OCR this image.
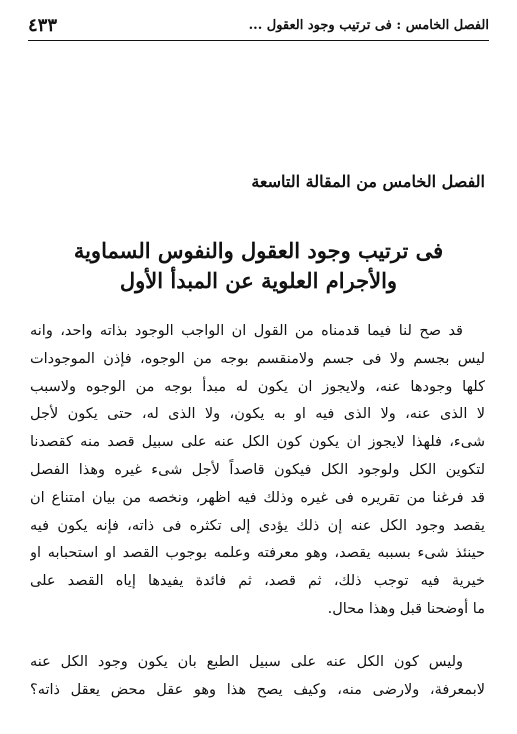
الفصل الخامس : فى ترتيب وجود العقول ...
٤٣٣
الفصل الخامس من المقالة التاسعة
فى ترتيب وجود العقول والنفوس السماوية
والأجرام العلوية عن المبدأ الأول
قد صح لنا فيما قدمناه من القول ان الواجب الوجود بذاته واحد، وانه
ليس بجسم ولا فى جسم ولامنقسم بوجه من الوجوه، فإذن الموجودات
كلها وجودها عنه، ولايجوز ان يكون له مبدأ بوجه من الوجوه ولاسبب
لا الذى عنه، ولا الذى فيه او به يكون، ولا الذى له، حتى يكون لأجل
شىء، فلهذا لايجوز ان يكون كون الكل عنه على سبيل قصد منه كقصدنا
لتكوين الكل ولوجود الكل فيكون قاصداً لأجل شىء غيره وهذا الفصل
قد فرغنا من تقريره فى غيره وذلك فيه اظهر، ونخصه من بيان امتناع ان
يقصد وجود الكل عنه إن ذلك يؤدى إلى تكثره فى ذاته، فإنه يكون فيه
حينئذ شىء بسببه يقصد، وهو معرفته وعلمه بوجوب القصد او استحبابه او
خيرية فيه توجب ذلك، ثم قصد، ثم فائدة يفيدها إياه القصد على
ما أوضحنا قبل وهذا محال.
وليس كون الكل عنه على سبيل الطبع بان يكون وجود الكل عنه
لابمعرفة، ولارضى منه، وكيف يصح هذا وهو عقل محض يعقل ذاته؟
